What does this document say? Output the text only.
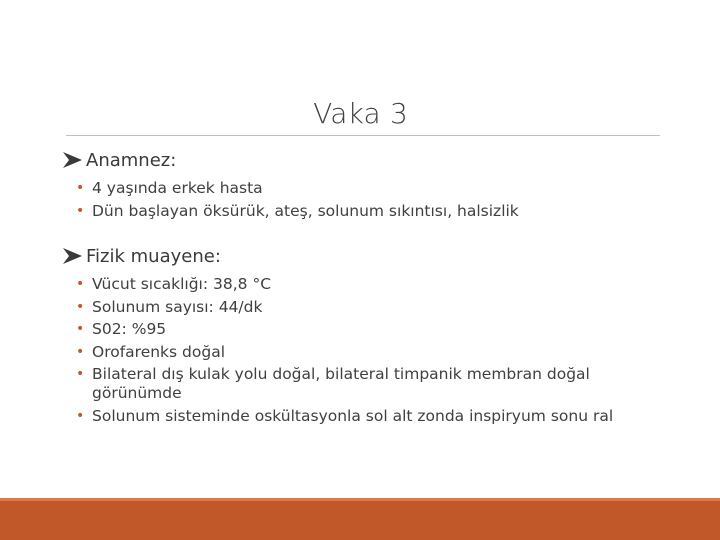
Vaka 3
Anamnez:
• 4 yaşında erkek hasta
• Dün başlayan öksürük, ateş, solunum sıkıntısı, halsizlik
Fizik muayene:
• Vücut sıcaklığı: 38,8 °C
• Solunum sayısı: 44/dk
• S02: %95
• Orofarenks doğal
• Bilateral dış kulak yolu doğal, bilateral timpanik membran doğal görünümde
• Solunum sisteminde oskültasyonla sol alt zonda inspiryum sonu ral
